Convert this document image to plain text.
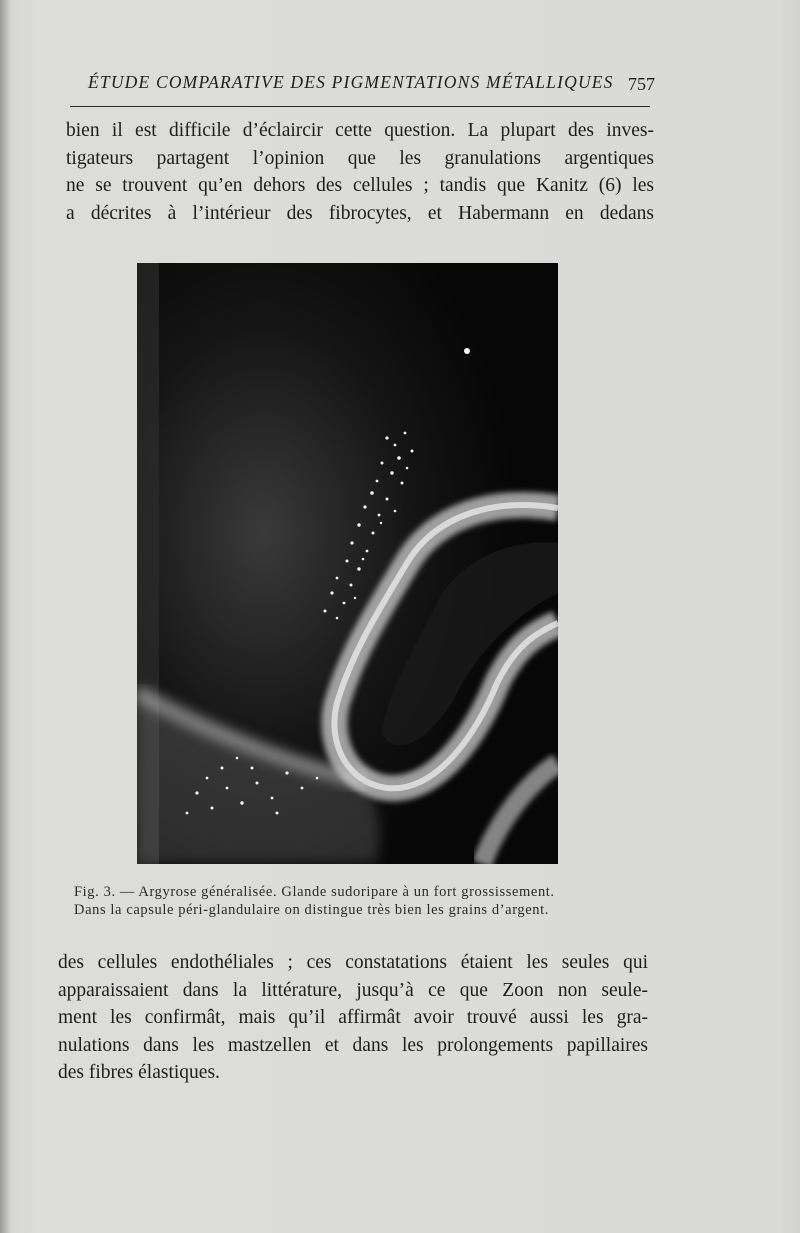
ÉTUDE COMPARATIVE DES PIGMENTATIONS MÉTALLIQUES 757
bien il est difficile d’éclaircir cette question. La plupart des inves-
tigateurs partagent l’opinion que les granulations argentiques
ne se trouvent qu’en dehors des cellules ; tandis que Kanitz (6) les
a décrites à l’intérieur des fibrocytes, et Habermann en dedans
Fig. 3. — Argyrose généralisée. Glande sudoripare à un fort grossissement.
Dans la capsule péri-glandulaire on distingue très bien les grains d’argent.
des cellules endothéliales ; ces constatations étaient les seules qui
apparaissaient dans la littérature, jusqu’à ce que Zoon non seule-
ment les confirmât, mais qu’il affirmât avoir trouvé aussi les gra-
nulations dans les mastzellen et dans les prolongements papillaires
des fibres élastiques.
